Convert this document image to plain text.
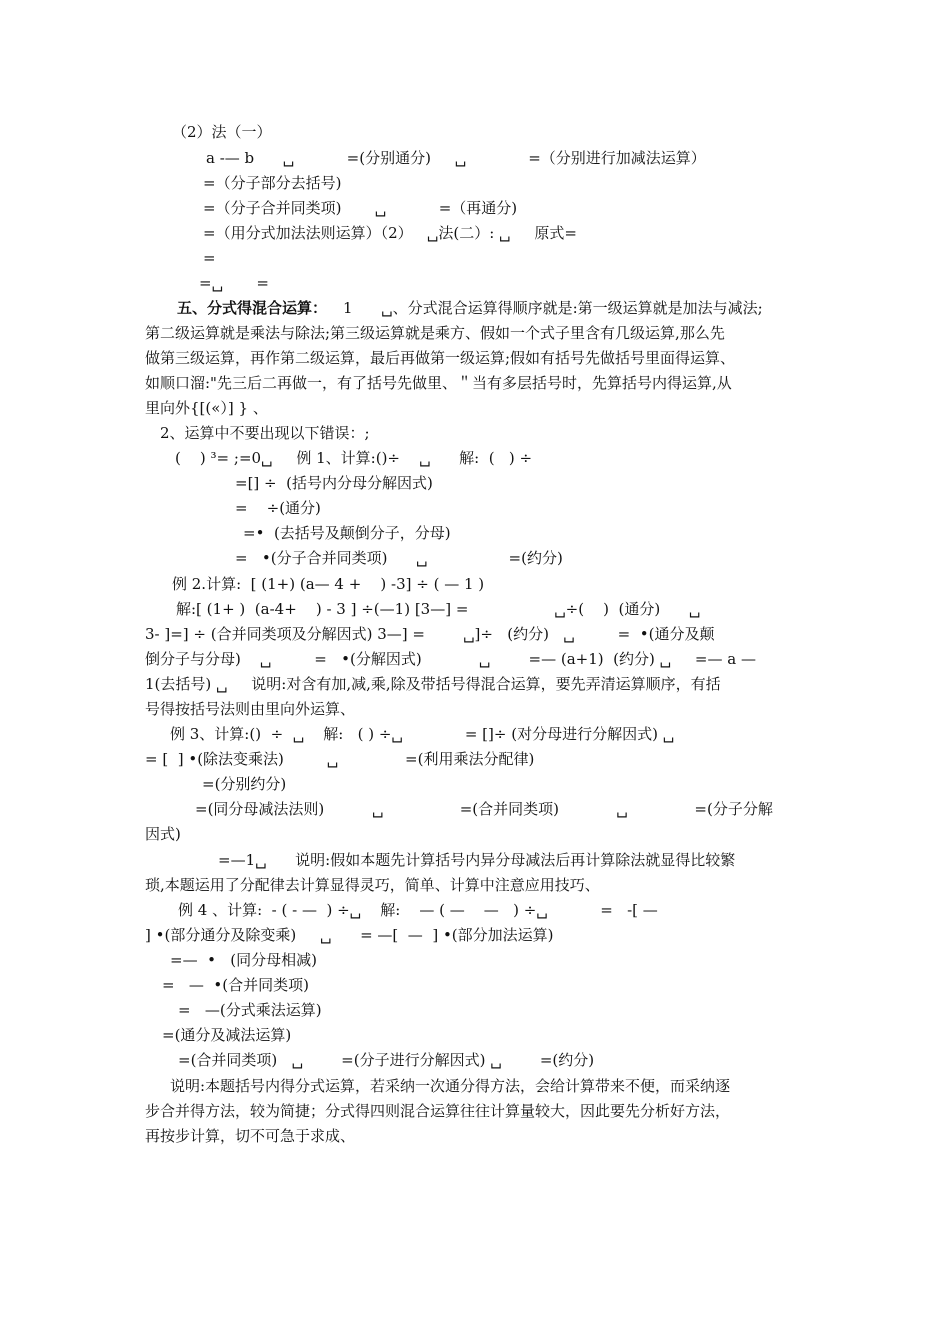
（2）法（一）
a -— b      ␣           =(分别通分)     ␣             =（分别进行加减法运算）
=（分子部分去括号)
=（分子合并同类项)       ␣           =（再通分)
=（用分式加法法则运算）（2）   ␣法(二）: ␣     原式=
=
=␣       =
五、分式得混合运算： 1      ␣、分式混合运算得顺序就是:第一级运算就是加法与减法;
第二级运算就是乘法与除法;第三级运算就是乘方、假如一个式子里含有几级运算,那么先
做第三级运算，再作第二级运算，最后再做第一级运算;假如有括号先做括号里面得运算、
如顺口溜:"先三后二再做一，有了括号先做里、＂当有多层括号时，先算括号内得运算,从
里向外{[(«）] } 、
2、运算中不要出现以下错误：;
(    ) ³= ;=0␣     例 1、计算:()÷    ␣      解:  (   ) ÷
=[] ÷  (括号内分母分解因式)
=    ÷(通分)
=•  (去括号及颠倒分子，分母)
=   •(分子合并同类项)      ␣                 =(约分)
例 2.计算:  [ (1+) (a— 4 +    ) -3] ÷ ( — 1 )
解:[ (1+ )  (a-4+    ) - 3 ] ÷(—1) [3—] =                  ␣÷(    )  (通分)      ␣
3- ]=] ÷ (合并同类项及分解因式) 3—] =        ␣]÷   (约分)   ␣         =  •(通分及颠
倒分子与分母)    ␣         =   •(分解因式)            ␣        =— (a+1)  (约分) ␣     =— a —
1(去括号) ␣     说明:对含有加,减,乘,除及带括号得混合运算，要先弄清运算顺序，有括
号得按括号法则由里向外运算、
例 3、计算:()  ÷  ␣    解:   ( ) ÷␣             = []÷ (对分母进行分解因式) ␣
= [  ] •(除法变乘法)         ␣              =(利用乘法分配律)
=(分别约分)
=(同分母减法法则)          ␣                =(合并同类项)            ␣              =(分子分解
因式)
=—1␣      说明:假如本题先计算括号内异分母减法后再计算除法就显得比较繁
琐,本题运用了分配律去计算显得灵巧，简单、计算中注意应用技巧、
例 4 、计算:  - ( - —  ) ÷␣    解:    — ( —    —   ) ÷␣           =   -[ —
] •(部分通分及除变乘)     ␣      = —[  —  ] •(部分加法运算)
=—  •   (同分母相减)
=   —  •(合并同类项)
=   —(分式乘法运算)
=(通分及减法运算)
=(合并同类项)   ␣        =(分子进行分解因式) ␣        =(约分)
说明:本题括号内得分式运算，若采纳一次通分得方法，会给计算带来不便，而采纳逐
步合并得方法，较为简捷；分式得四则混合运算往往计算量较大，因此要先分析好方法，
再按步计算，切不可急于求成、
